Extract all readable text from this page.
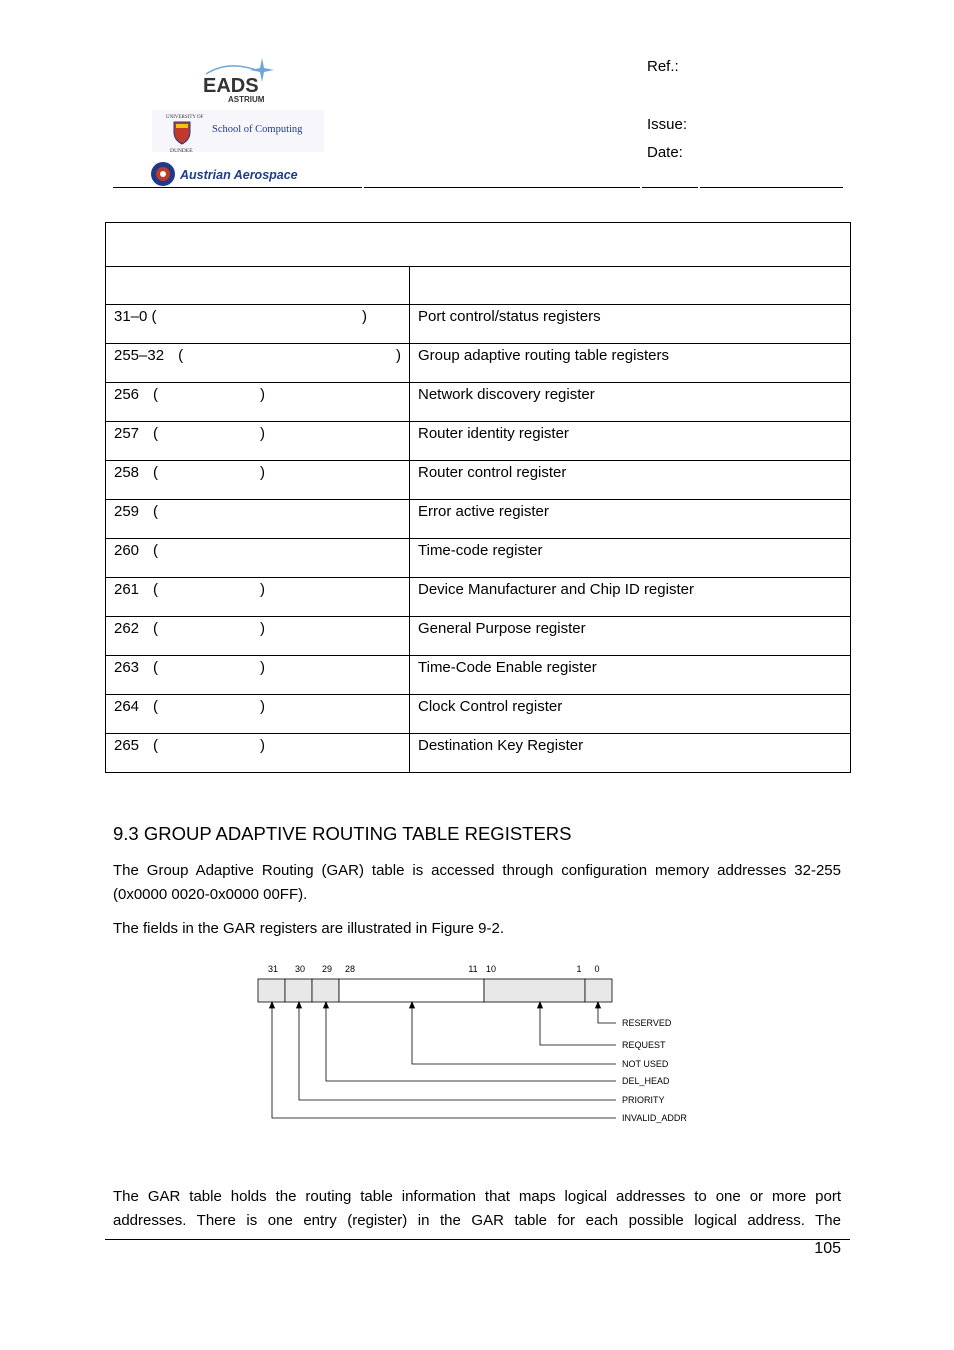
EADS
ASTRIUM
UNIVERSITY OF
School of Computing
DUNDEE
Austrian Aerospace
Ref.:
Issue:
Date:

31–0 ( )	Port control/status registers

255–32 ( )	Group adaptive routing table registers

256 ( )	Network discovery register

257 ( )	Router identity register

258 ( )	Router control register

259 (	Error active register

260 (	Time-code register

261 ( )	Device Manufacturer and Chip ID register

262 ( )	General Purpose register

263 ( )	Time-Code Enable register

264 ( )	Clock Control register

265 ( )	Destination Key Register
9.3 GROUP ADAPTIVE ROUTING TABLE REGISTERS
The Group Adaptive Routing (GAR) table is accessed through configuration memory addresses 32-255 (0x0000 0020-0x0000 00FF).
The fields in the GAR registers are illustrated in Figure 9-2.
31 30 29 28	11 10	1 0
RESERVED
REQUEST
NOT USED
DEL_HEAD
PRIORITY
INVALID_ADDR
The GAR table holds the routing table information that maps logical addresses to one or more port addresses. There is one entry (register) in the GAR table for each possible logical address. The
105
